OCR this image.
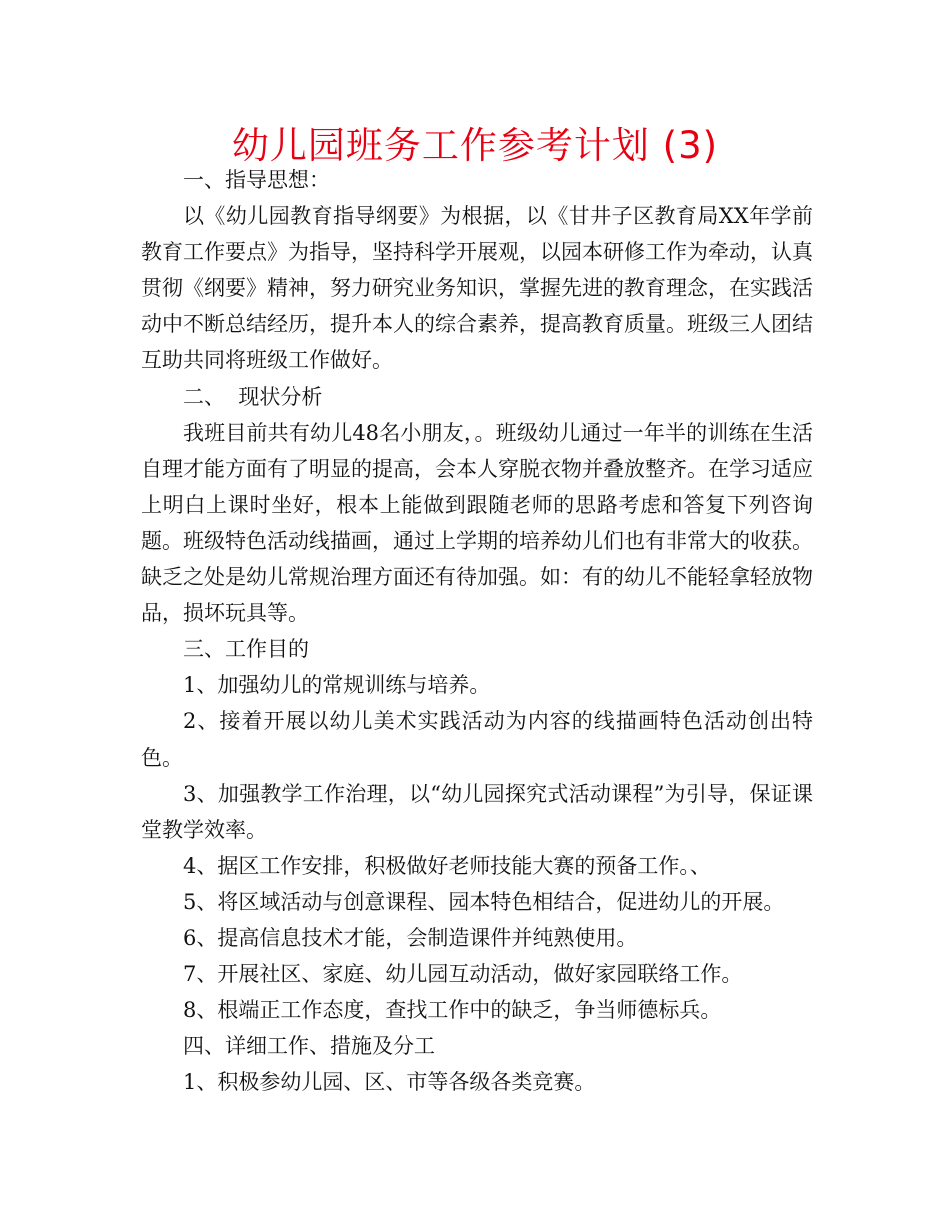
幼儿园班务工作参考计划 (3)

一、指导思想：

以《幼儿园教育指导纲要》为根据，以《甘井子区教育局XX年学前教育工作要点》为指导，坚持科学开展观，以园本研修工作为牵动，认真贯彻《纲要》精神，努力研究业务知识，掌握先进的教育理念，在实践活动中不断总结经历，提升本人的综合素养，提高教育质量。班级三人团结互助共同将班级工作做好。

二、  现状分析

我班目前共有幼儿48名小朋友，。班级幼儿通过一年半的训练在生活自理才能方面有了明显的提高，会本人穿脱衣物并叠放整齐。在学习适应上明白上课时坐好，根本上能做到跟随老师的思路考虑和答复下列咨询题。班级特色活动线描画，通过上学期的培养幼儿们也有非常大的收获。缺乏之处是幼儿常规治理方面还有待加强。如：有的幼儿不能轻拿轻放物品，损坏玩具等。

三、工作目的

1、加强幼儿的常规训练与培养。

2、接着开展以幼儿美术实践活动为内容的线描画特色活动创出特色。

3、加强教学工作治理，以“幼儿园探究式活动课程”为引导，保证课堂教学效率。

4、据区工作安排，积极做好老师技能大赛的预备工作。、

5、将区域活动与创意课程、园本特色相结合，促进幼儿的开展。

6、提高信息技术才能，会制造课件并纯熟使用。

7、开展社区、家庭、幼儿园互动活动，做好家园联络工作。

8、根端正工作态度，查找工作中的缺乏，争当师德标兵。

四、详细工作、措施及分工

1、积极参幼儿园、区、市等各级各类竞赛。
